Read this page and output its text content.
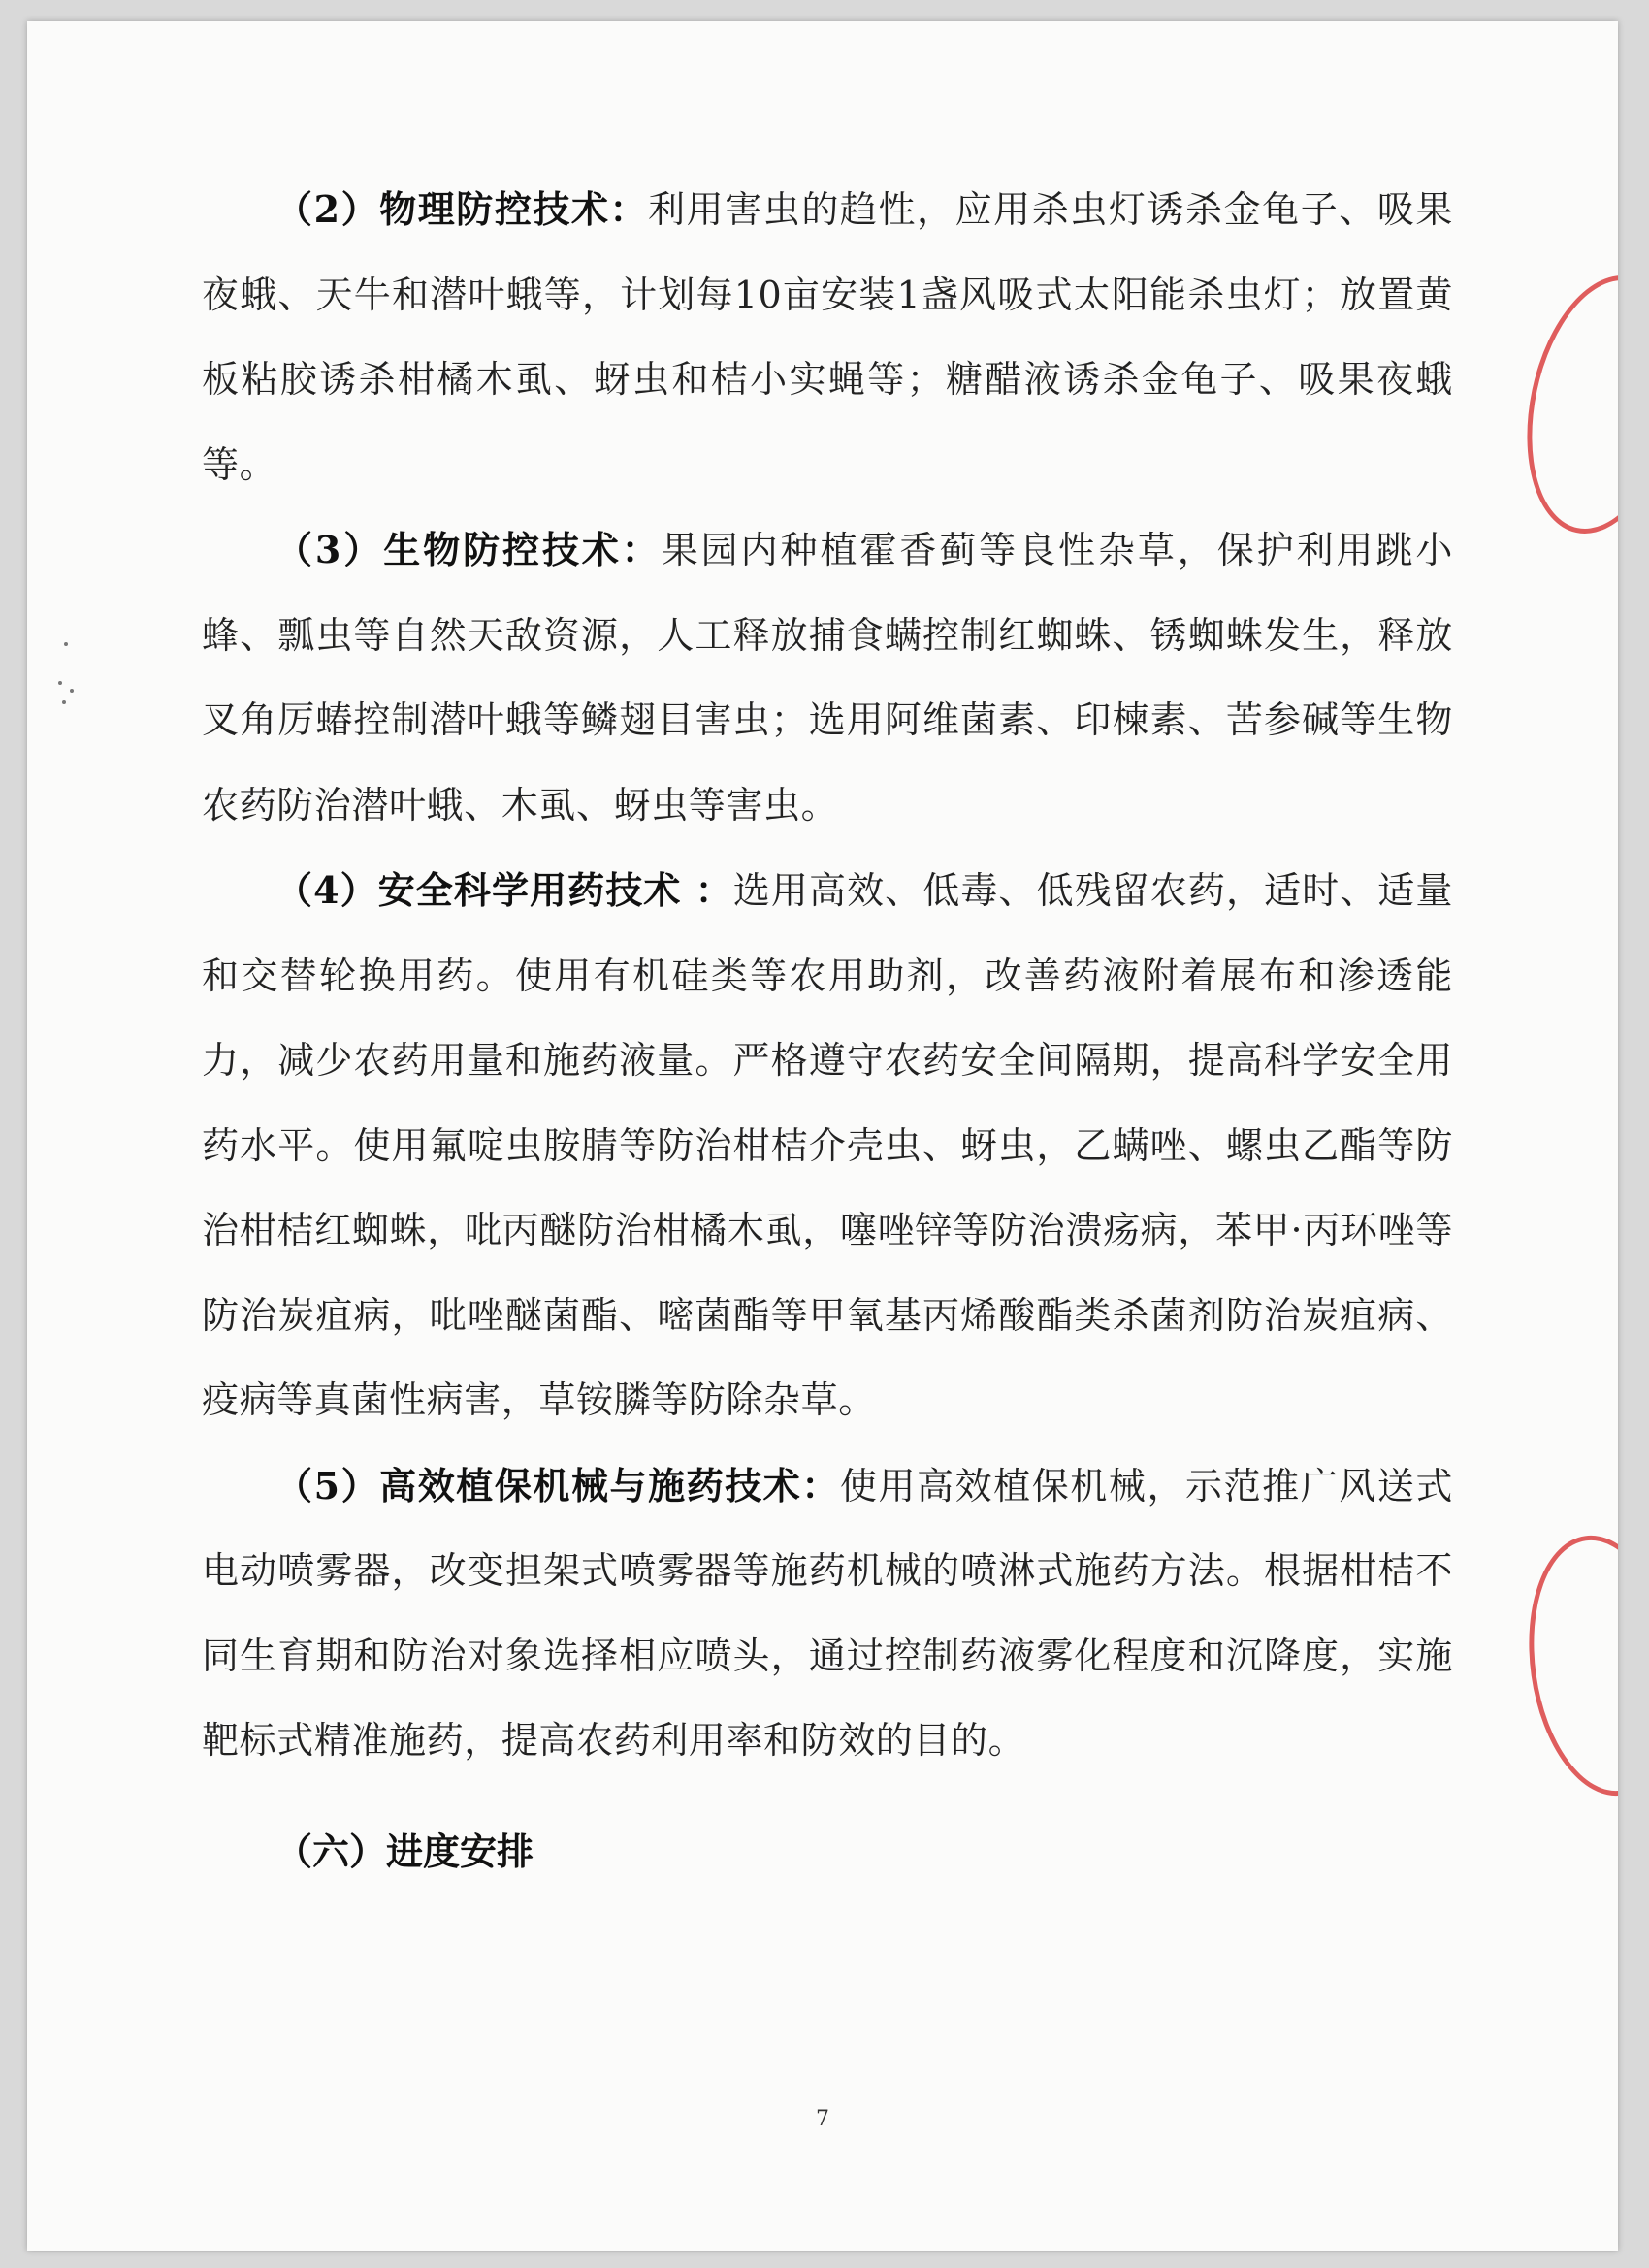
（2）物理防控技术：利用害虫的趋性，应用杀虫灯诱杀金龟子、吸果夜蛾、天牛和潜叶蛾等，计划每10亩安装1盏风吸式太阳能杀虫灯；放置黄板粘胶诱杀柑橘木虱、蚜虫和桔小实蝇等；糖醋液诱杀金龟子、吸果夜蛾等。

（3）生物防控技术：果园内种植霍香蓟等良性杂草，保护利用跳小蜂、瓢虫等自然天敌资源，人工释放捕食螨控制红蜘蛛、锈蜘蛛发生，释放叉角厉蝽控制潜叶蛾等鳞翅目害虫；选用阿维菌素、印楝素、苦参碱等生物农药防治潜叶蛾、木虱、蚜虫等害虫。

（4）安全科学用药技术 ：选用高效、低毒、低残留农药，适时、适量和交替轮换用药。使用有机硅类等农用助剂，改善药液附着展布和渗透能力，减少农药用量和施药液量。严格遵守农药安全间隔期，提高科学安全用药水平。使用氟啶虫胺腈等防治柑桔介壳虫、蚜虫，乙螨唑、螺虫乙酯等防治柑桔红蜘蛛，吡丙醚防治柑橘木虱，噻唑锌等防治溃疡病，苯甲·丙环唑等防治炭疽病，吡唑醚菌酯、嘧菌酯等甲氧基丙烯酸酯类杀菌剂防治炭疽病、疫病等真菌性病害，草铵膦等防除杂草。

（5）高效植保机械与施药技术：使用高效植保机械，示范推广风送式电动喷雾器，改变担架式喷雾器等施药机械的喷淋式施药方法。根据柑桔不同生育期和防治对象选择相应喷头，通过控制药液雾化程度和沉降度，实施靶标式精准施药，提高农药利用率和防效的目的。

（六）进度安排

7
